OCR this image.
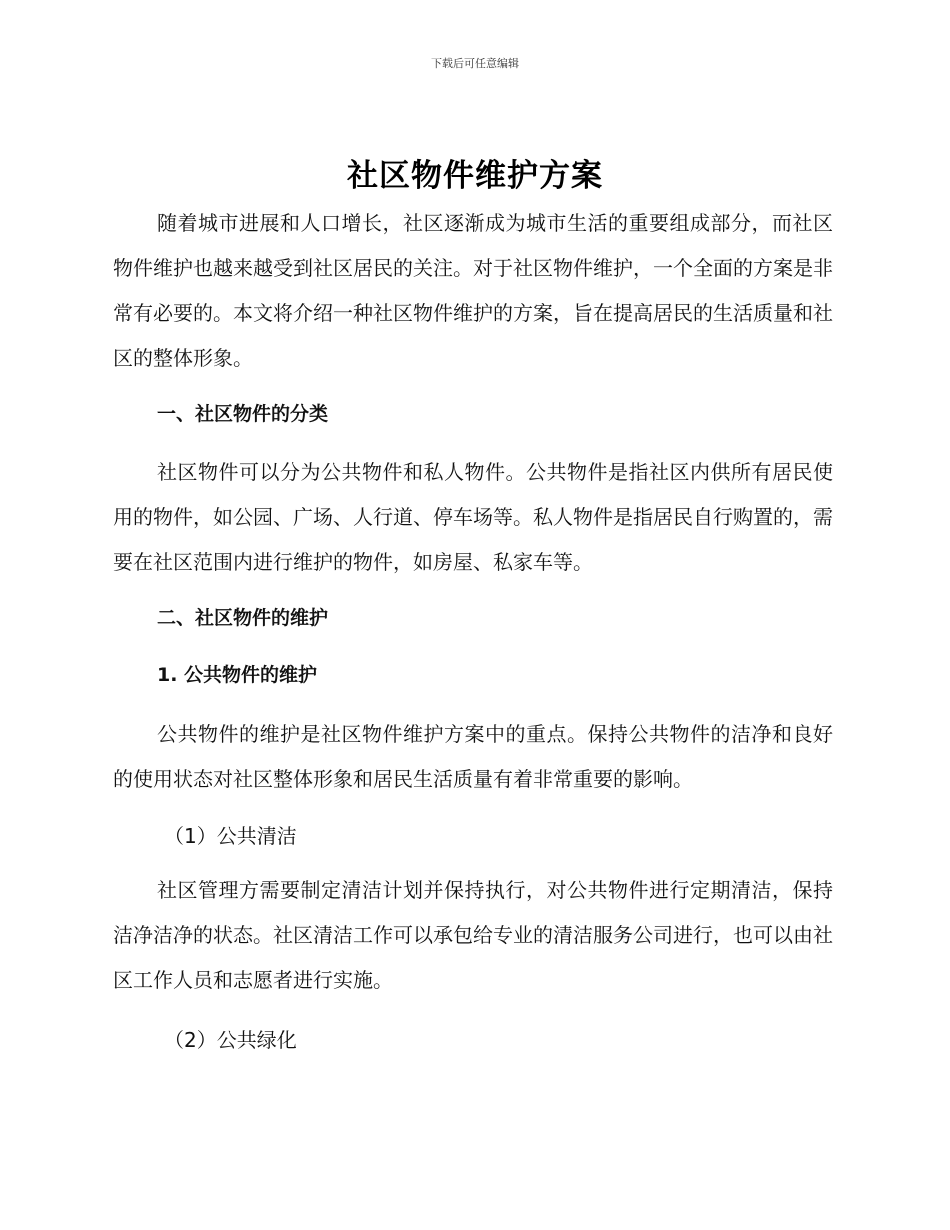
下载后可任意编辑
社区物件维护方案
随着城市进展和人口增长，社区逐渐成为城市生活的重要组成部分，而社区物件维护也越来越受到社区居民的关注。对于社区物件维护，一个全面的方案是非常有必要的。本文将介绍一种社区物件维护的方案，旨在提高居民的生活质量和社区的整体形象。
一、社区物件的分类
社区物件可以分为公共物件和私人物件。公共物件是指社区内供所有居民使用的物件，如公园、广场、人行道、停车场等。私人物件是指居民自行购置的，需要在社区范围内进行维护的物件，如房屋、私家车等。
二、社区物件的维护
1. 公共物件的维护
公共物件的维护是社区物件维护方案中的重点。保持公共物件的洁净和良好的使用状态对社区整体形象和居民生活质量有着非常重要的影响。
（1）公共清洁
社区管理方需要制定清洁计划并保持执行，对公共物件进行定期清洁，保持洁净洁净的状态。社区清洁工作可以承包给专业的清洁服务公司进行，也可以由社区工作人员和志愿者进行实施。
（2）公共绿化
